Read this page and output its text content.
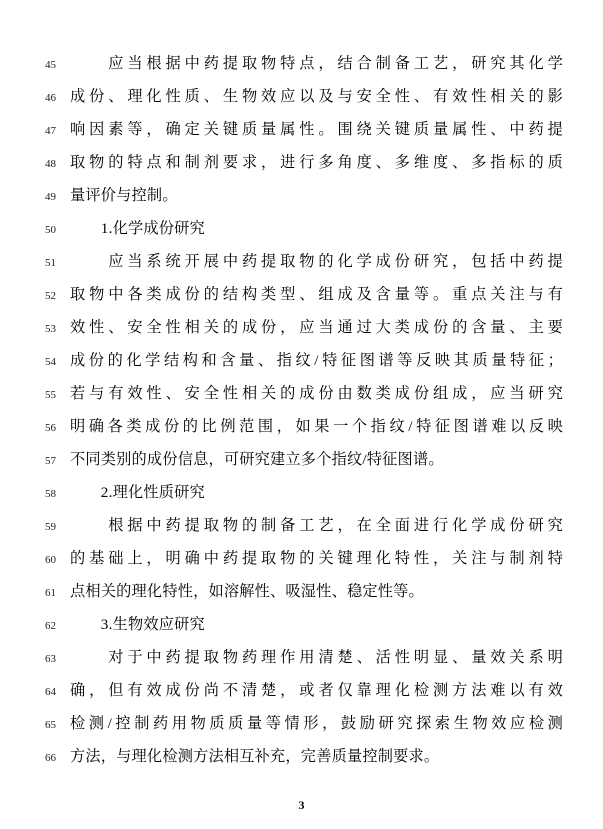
45 　　应当根据中药提取物特点，结合制备工艺，研究其化学
46 成份、理化性质、生物效应以及与安全性、有效性相关的影
47 响因素等，确定关键质量属性。围绕关键质量属性、中药提
48 取物的特点和制剂要求，进行多角度、多维度、多指标的质
49 量评价与控制。
50 　　1.化学成份研究
51 　　应当系统开展中药提取物的化学成份研究，包括中药提
52 取物中各类成份的结构类型、组成及含量等。重点关注与有
53 效性、安全性相关的成份，应当通过大类成份的含量、主要
54 成份的化学结构和含量、指纹/特征图谱等反映其质量特征；
55 若与有效性、安全性相关的成份由数类成份组成，应当研究
56 明确各类成份的比例范围，如果一个指纹/特征图谱难以反映
57 不同类别的成份信息，可研究建立多个指纹/特征图谱。
58 　　2.理化性质研究
59 　　根据中药提取物的制备工艺，在全面进行化学成份研究
60 的基础上，明确中药提取物的关键理化特性，关注与制剂特
61 点相关的理化特性，如溶解性、吸湿性、稳定性等。
62 　　3.生物效应研究
63 　　对于中药提取物药理作用清楚、活性明显、量效关系明
64 确，但有效成份尚不清楚，或者仅靠理化检测方法难以有效
65 检测/控制药用物质质量等情形，鼓励研究探索生物效应检测
66 方法，与理化检测方法相互补充，完善质量控制要求。
3
